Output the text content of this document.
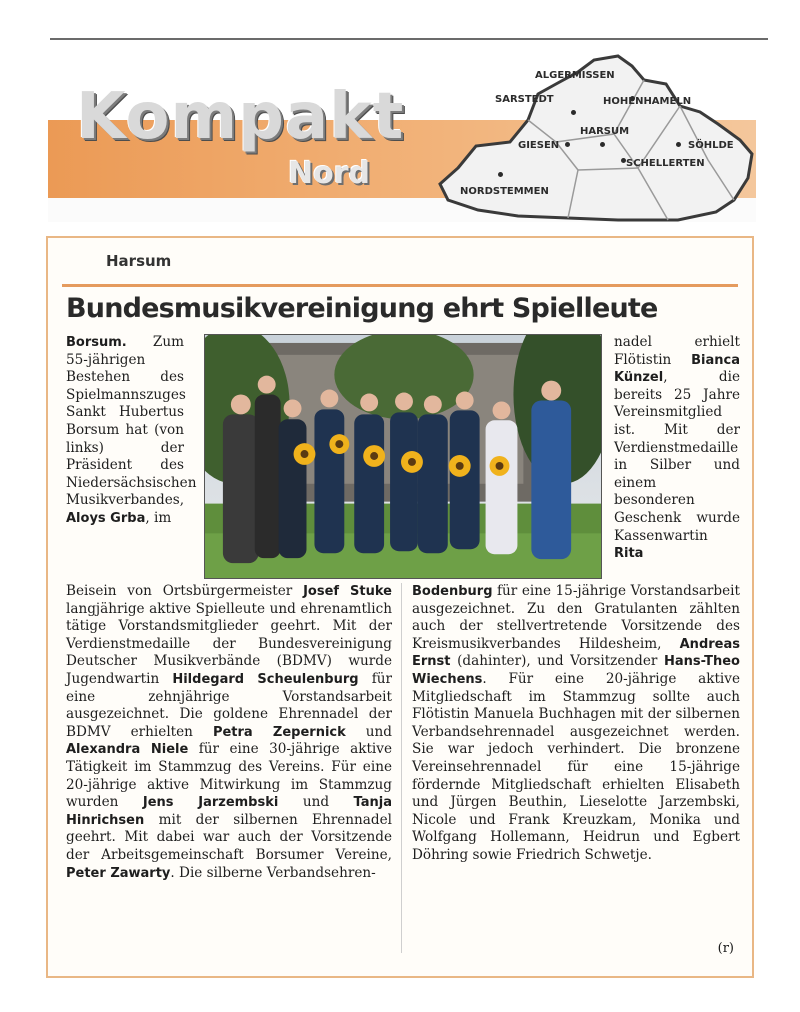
ALGERMISSEN
SARSTEDT	HOHENHAMELN
HARSUM
GIESEN	SÖHLDE
SCHELLERTEN
NORDSTEMMEN
Kompakt
Nord
Harsum
Bundesmusikvereinigung ehrt Spielleute

Borsum. Zum 55-jährigen Bestehen des Spielmannszuges Sankt Hubertus Borsum hat (von links) der Präsident des Niedersächsischen Musikverbandes, Aloys Grba, im

nadel erhielt Flötistin Bianca Künzel, die bereits 25 Jahre Vereinsmitglied ist. Mit der Verdienstmedaille in Silber und einem besonderen Geschenk wurde Kassenwartin Rita

Beisein von Ortsbürgermeister Josef Stuke langjährige aktive Spielleute und ehrenamtlich tätige Vorstandsmitglieder geehrt. Mit der Verdienstmedaille der Bundesvereinigung Deutscher Musikverbände (BDMV) wurde Jugendwartin Hildegard Scheulenburg für eine zehnjährige Vorstandsarbeit ausgezeichnet. Die goldene Ehrennadel der BDMV erhielten Petra Zepernick und Alexandra Niele für eine 30-jährige aktive Tätigkeit im Stammzug des Vereins. Für eine 20-jährige aktive Mitwirkung im Stammzug wurden Jens Jarzembski und Tanja Hinrichsen mit der silbernen Ehrennadel geehrt. Mit dabei war auch der Vorsitzende der Arbeitsgemeinschaft Borsumer Vereine, Peter Zawarty. Die silberne Verbandsehren-

Bodenburg für eine 15-jährige Vorstandsarbeit ausgezeichnet. Zu den Gratulanten zählten auch der stellvertretende Vorsitzende des Kreismusikverbandes Hildesheim, Andreas Ernst (dahinter), und Vorsitzender Hans-Theo Wiechens. Für eine 20-jährige aktive Mitgliedschaft im Stammzug sollte auch Flötistin Manuela Buchhagen mit der silbernen Verbandsehrennadel ausgezeichnet werden. Sie war jedoch verhindert. Die bronzene Vereinsehrennadel für eine 15-jährige fördernde Mitgliedschaft erhielten Elisabeth und Jürgen Beuthin, Lieselotte Jarzembski, Nicole und Frank Kreuzkam, Monika und Wolfgang Hollemann, Heidrun und Egbert Döhring sowie Friedrich Schwetje.

(r)
